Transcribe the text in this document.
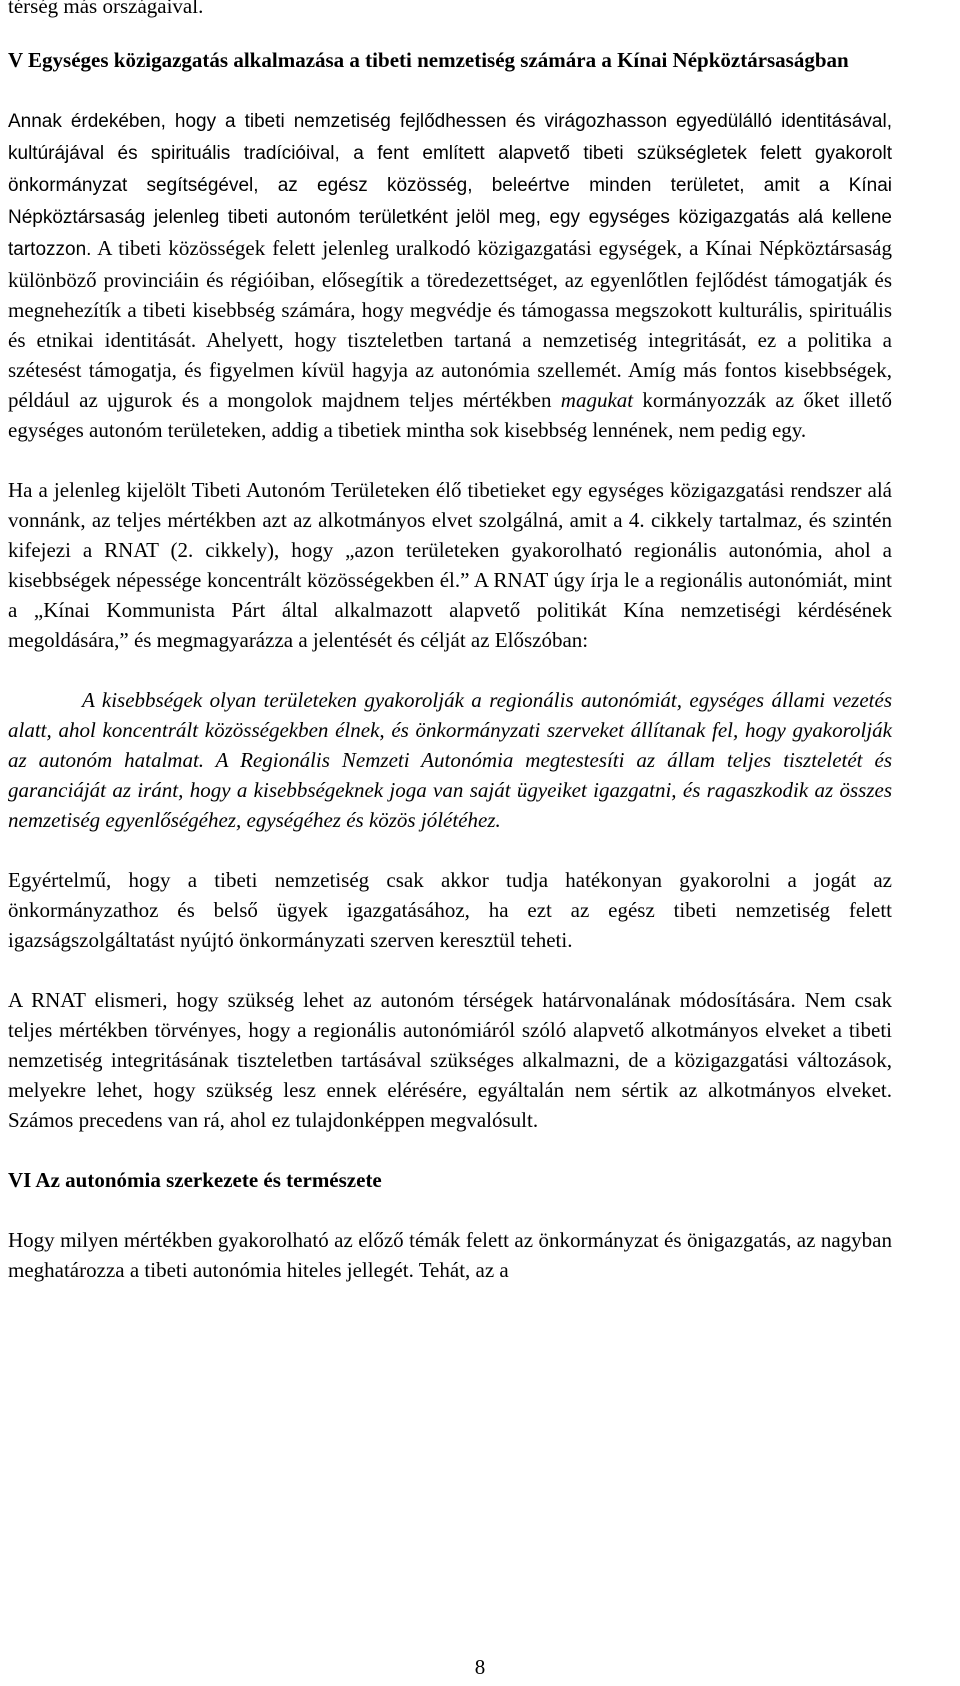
térség más országaival.

V Egységes közigazgatás alkalmazása a tibeti nemzetiség számára a Kínai Népköztársaságban

Annak érdekében, hogy a tibeti nemzetiség fejlődhessen és virágozhasson egyedülálló identitásával, kultúrájával és spirituális tradícióival, a fent említett alapvető tibeti szükségletek felett gyakorolt önkormányzat segítségével, az egész közösség, beleértve minden területet, amit a Kínai Népköztársaság jelenleg tibeti autonóm területként jelöl meg, egy egységes közigazgatás alá kellene tartozzon. A tibeti közösségek felett jelenleg uralkodó közigazgatási egységek, a Kínai Népköztársaság különböző provinciáin és régióiban, elősegítik a töredezettséget, az egyenlőtlen fejlődést támogatják és megnehezítík a tibeti kisebbség számára, hogy megvédje és támogassa megszokott kulturális, spirituális és etnikai identitását. Ahelyett, hogy tiszteletben tartaná a nemzetiség integritását, ez a politika a szétesést támogatja, és figyelmen kívül hagyja az autonómia szellemét. Amíg más fontos kisebbségek, például az ujgurok és a mongolok majdnem teljes mértékben magukat kormányozzák az őket illető egységes autonóm területeken, addig a tibetiek mintha sok kisebbség lennének, nem pedig egy.

Ha a jelenleg kijelölt Tibeti Autonóm Területeken élő tibetieket egy egységes közigazgatási rendszer alá vonnánk, az teljes mértékben azt az alkotmányos elvet szolgálná, amit a 4. cikkely tartalmaz, és szintén kifejezi a RNAT (2. cikkely), hogy „azon területeken gyakorolható regionális autonómia, ahol a kisebbségek népessége koncentrált közösségekben él.” A RNAT úgy írja le a regionális autonómiát, mint a „Kínai Kommunista Párt által alkalmazott alapvető politikát Kína nemzetiségi kérdésének megoldására,” és megmagyarázza a jelentését és célját az Előszóban:

A kisebbségek olyan területeken gyakorolják a regionális autonómiát, egységes állami vezetés alatt, ahol koncentrált közösségekben élnek, és önkormányzati szerveket állítanak fel, hogy gyakorolják az autonóm hatalmat. A Regionális Nemzeti Autonómia megtestesíti az állam teljes tiszteletét és garanciáját az iránt, hogy a kisebbségeknek joga van saját ügyeiket igazgatni, és ragaszkodik az összes nemzetiség egyenlőségéhez, egységéhez és közös jólétéhez.

Egyértelmű, hogy a tibeti nemzetiség csak akkor tudja hatékonyan gyakorolni a jogát az önkormányzathoz és belső ügyek igazgatásához, ha ezt az egész tibeti nemzetiség felett igazságszolgáltatást nyújtó önkormányzati szerven keresztül teheti.

A RNAT elismeri, hogy szükség lehet az autonóm térségek határvonalának módosítására. Nem csak teljes mértékben törvényes, hogy a regionális autonómiáról szóló alapvető alkotmányos elveket a tibeti nemzetiség integritásának tiszteletben tartásával szükséges alkalmazni, de a közigazgatási változások, melyekre lehet, hogy szükség lesz ennek elérésére, egyáltalán nem sértik az alkotmányos elveket. Számos precedens van rá, ahol ez tulajdonképpen megvalósult.

VI Az autonómia szerkezete és természete

Hogy milyen mértékben gyakorolható az előző témák felett az önkormányzat és önigazgatás, az nagyban meghatározza a tibeti autonómia hiteles jellegét. Tehát, az a

8
